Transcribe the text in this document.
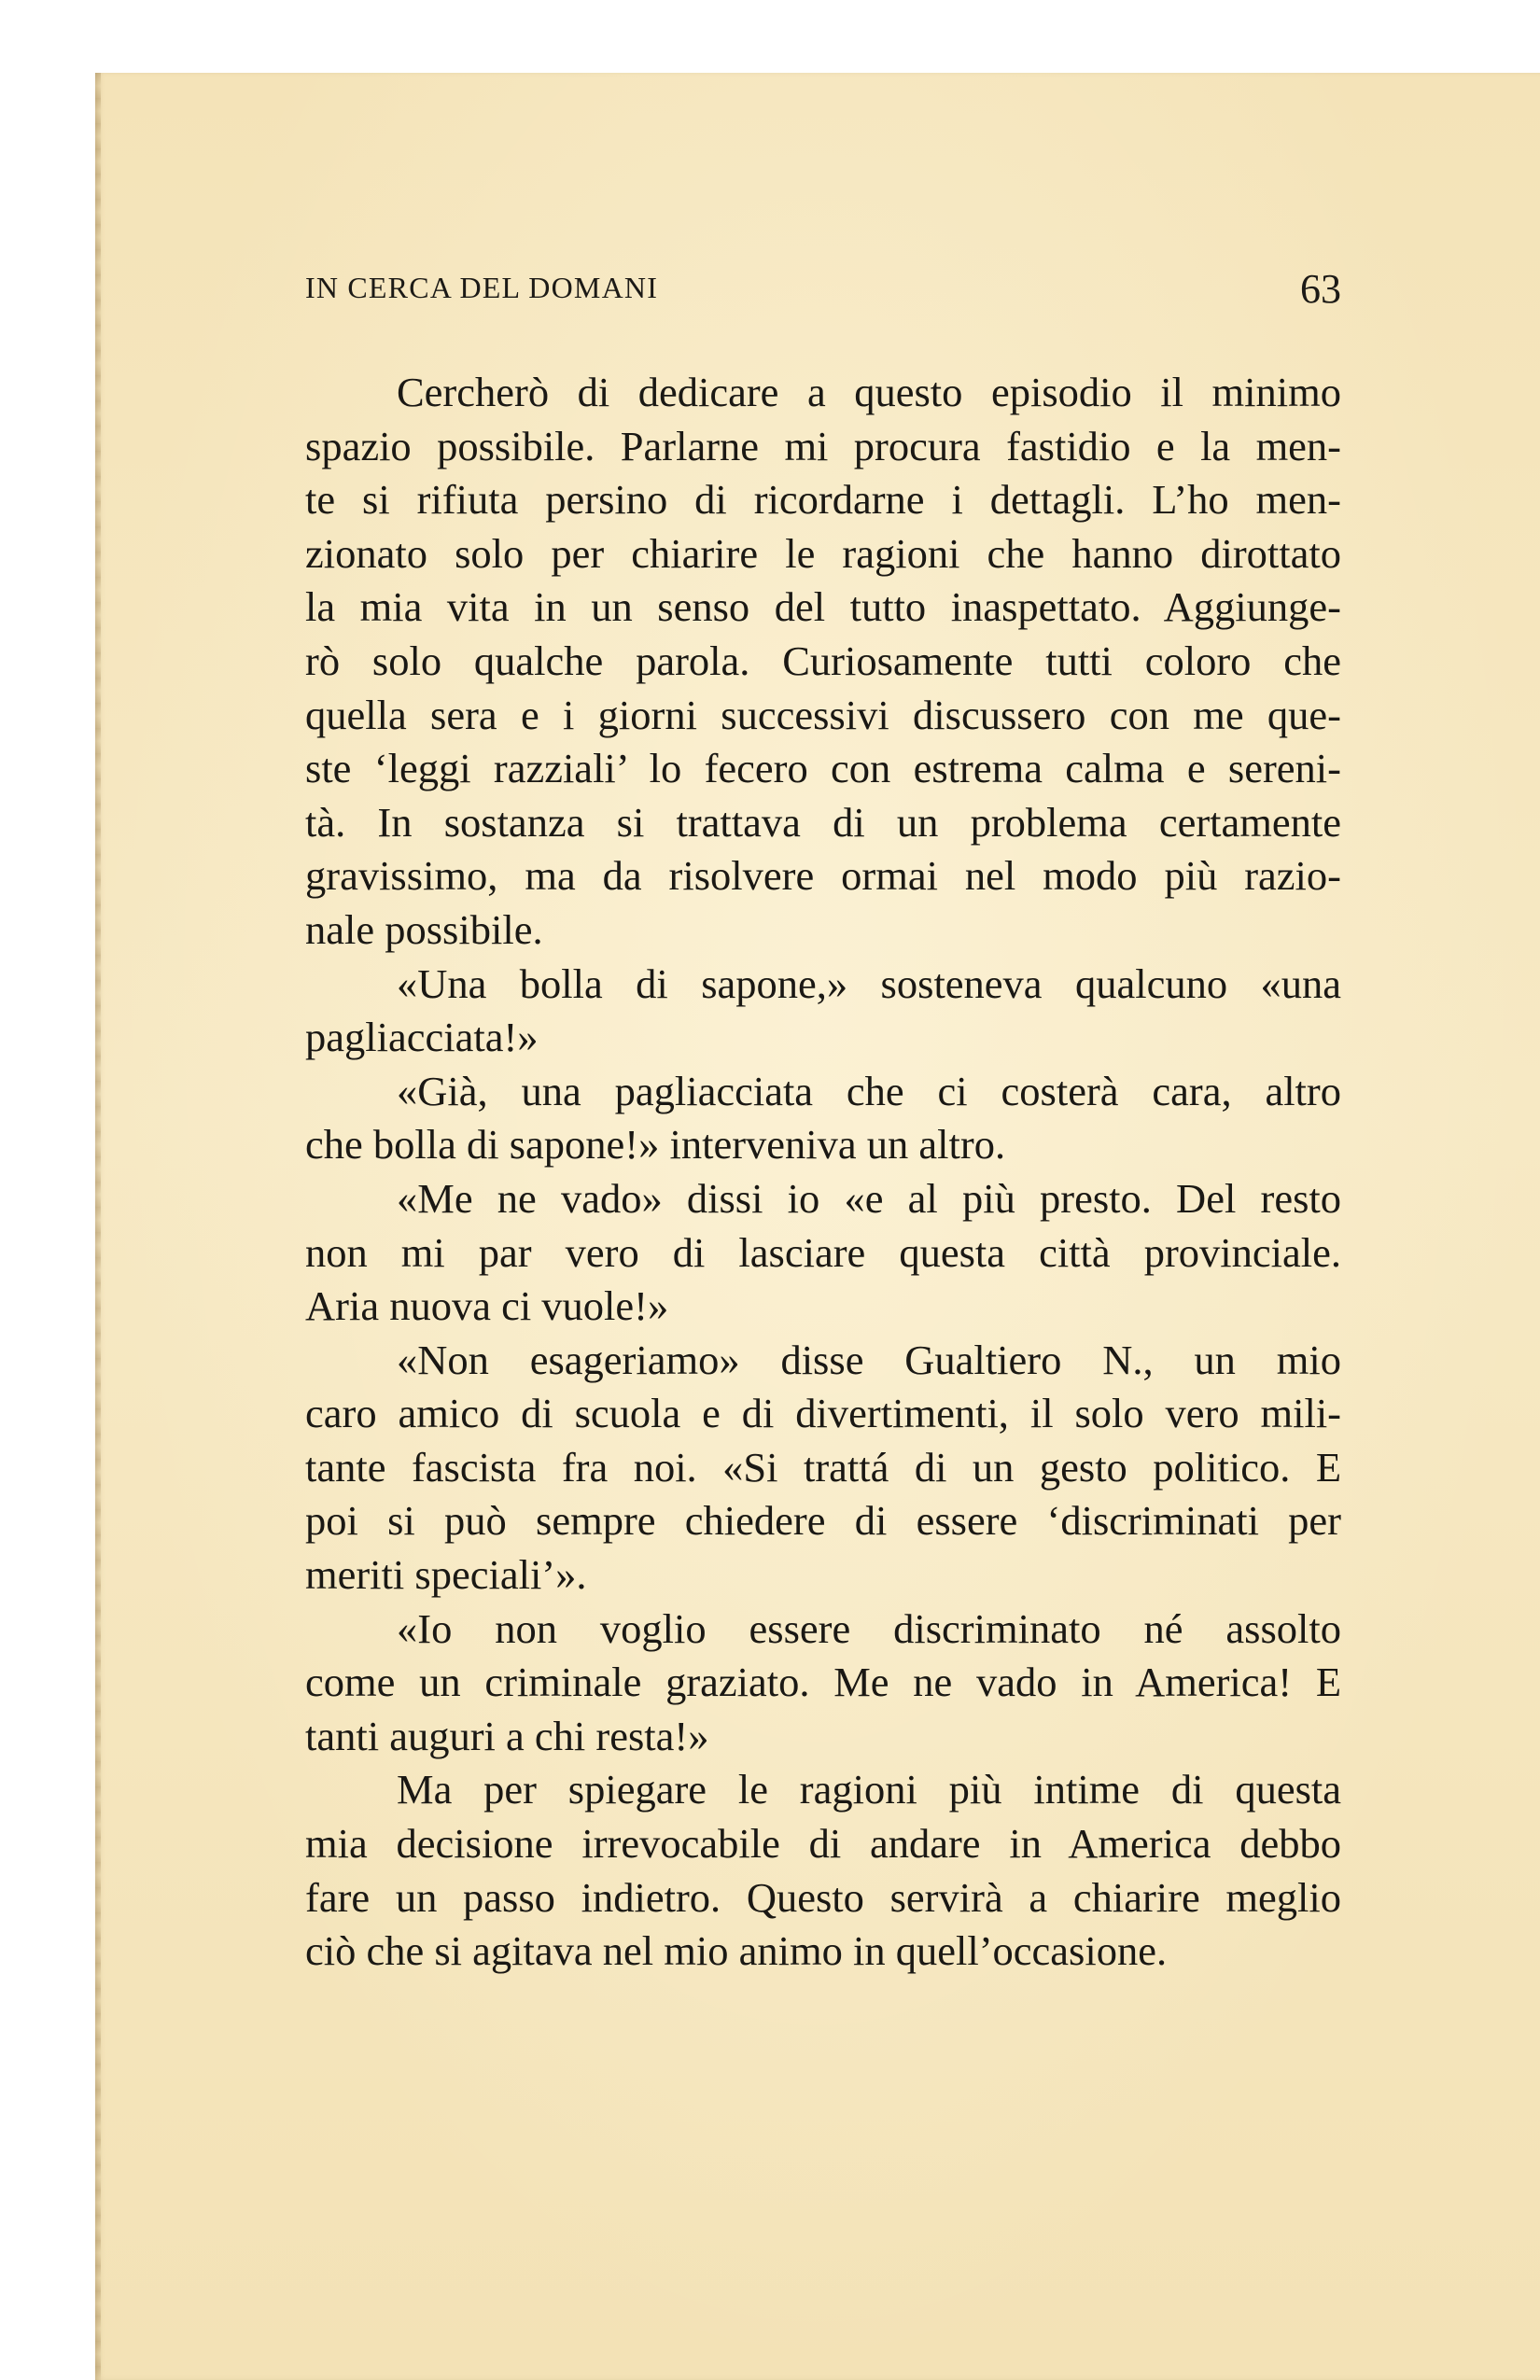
IN CERCA DEL DOMANI	63

Cercherò di dedicare a questo episodio il minimo
spazio possibile. Parlarne mi procura fastidio e la men-
te si rifiuta persino di ricordarne i dettagli. L’ho men-
zionato solo per chiarire le ragioni che hanno dirottato
la mia vita in un senso del tutto inaspettato. Aggiunge-
rò solo qualche parola. Curiosamente tutti coloro che
quella sera e i giorni successivi discussero con me que-
ste ‘leggi razziali’ lo fecero con estrema calma e sereni-
tà. In sostanza si trattava di un problema certamente
gravissimo, ma da risolvere ormai nel modo più razio-
nale possibile.

«Una bolla di sapone,» sosteneva qualcuno «una
pagliacciata!»

«Già, una pagliacciata che ci costerà cara, altro
che bolla di sapone!» interveniva un altro.

«Me ne vado» dissi io «e al più presto. Del resto
non mi par vero di lasciare questa città provinciale.
Aria nuova ci vuole!»

«Non esageriamo» disse Gualtiero N., un mio
caro amico di scuola e di divertimenti, il solo vero mili-
tante fascista fra noi. «Si trattá di un gesto politico. E
poi si può sempre chiedere di essere ‘discriminati per
meriti speciali’».

«Io non voglio essere discriminato né assolto
come un criminale graziato. Me ne vado in America! E
tanti auguri a chi resta!»

Ma per spiegare le ragioni più intime di questa
mia decisione irrevocabile di andare in America debbo
fare un passo indietro. Questo servirà a chiarire meglio
ciò che si agitava nel mio animo in quell’occasione.
